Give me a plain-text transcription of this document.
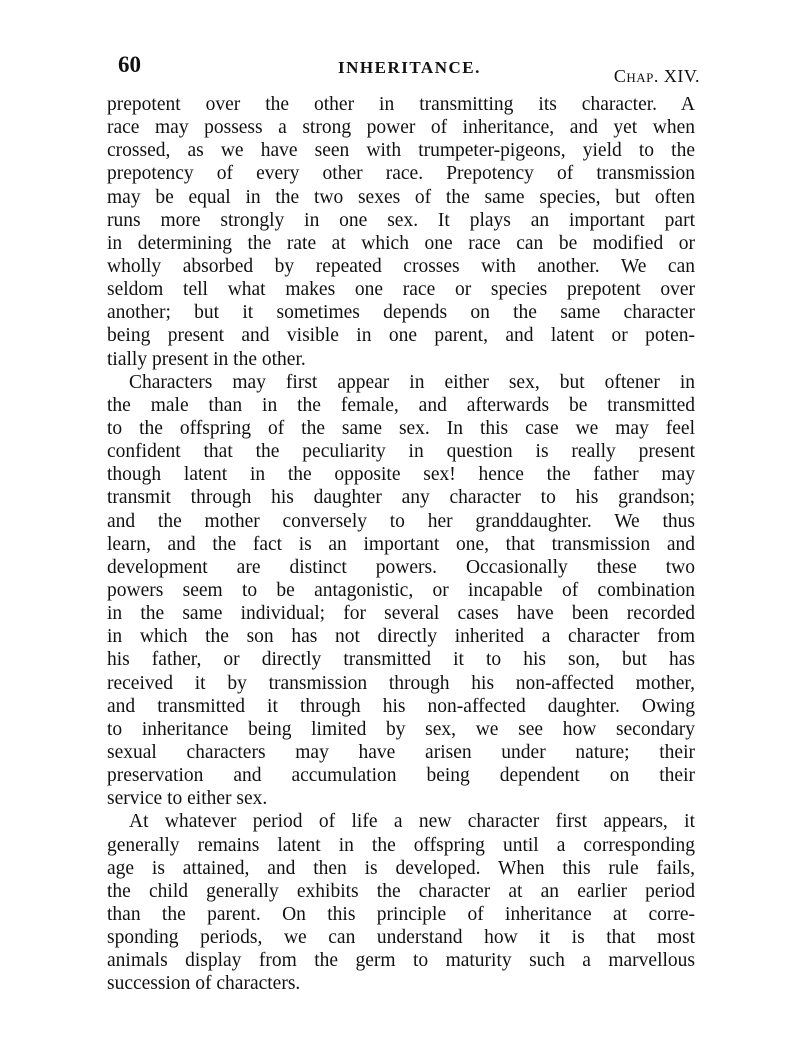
60	INHERITANCE.	Chap. XIV.
prepotent over the other in transmitting its character. A
race may possess a strong power of inheritance, and yet when
crossed, as we have seen with trumpeter-pigeons, yield to the
prepotency of every other race. Prepotency of transmission
may be equal in the two sexes of the same species, but often
runs more strongly in one sex. It plays an important part
in determining the rate at which one race can be modified or
wholly absorbed by repeated crosses with another. We can
seldom tell what makes one race or species prepotent over
another; but it sometimes depends on the same character
being present and visible in one parent, and latent or poten-
tially present in the other.
Characters may first appear in either sex, but oftener in
the male than in the female, and afterwards be transmitted
to the offspring of the same sex. In this case we may feel
confident that the peculiarity in question is really present
though latent in the opposite sex! hence the father may
transmit through his daughter any character to his grandson;
and the mother conversely to her granddaughter. We thus
learn, and the fact is an important one, that transmission and
development are distinct powers. Occasionally these two
powers seem to be antagonistic, or incapable of combination
in the same individual; for several cases have been recorded
in which the son has not directly inherited a character from
his father, or directly transmitted it to his son, but has
received it by transmission through his non-affected mother,
and transmitted it through his non-affected daughter. Owing
to inheritance being limited by sex, we see how secondary
sexual characters may have arisen under nature; their
preservation and accumulation being dependent on their
service to either sex.
At whatever period of life a new character first appears, it
generally remains latent in the offspring until a corresponding
age is attained, and then is developed. When this rule fails,
the child generally exhibits the character at an earlier period
than the parent. On this principle of inheritance at corre-
sponding periods, we can understand how it is that most
animals display from the germ to maturity such a marvellous
succession of characters.
